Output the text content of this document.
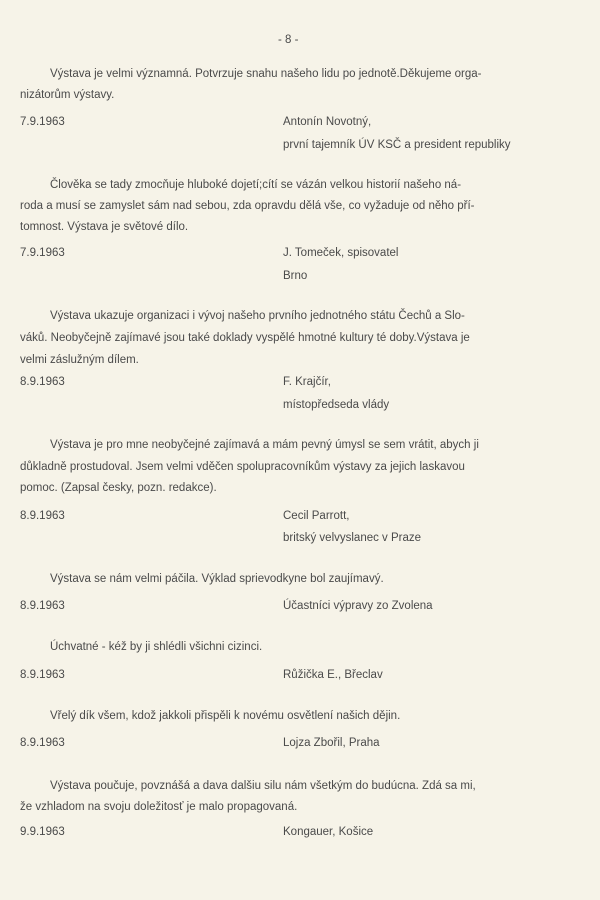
- 8 -
Výstava je velmi významná. Potvrzuje snahu našeho lidu po jednotě.Děkujeme orga-
nizátorům výstavy.
7.9.1963	Antonín Novotný,
první tajemník ÚV KSČ a president republiky
Člověka se tady zmocňuje hluboké dojetí;cítí se vázán velkou historií našeho ná-
roda a musí se zamyslet sám nad sebou, zda opravdu dělá vše, co vyžaduje od něho pří-
tomnost. Výstava je světové dílo.
7.9.1963	J. Tomeček, spisovatel
Brno
Výstava ukazuje organizaci i vývoj našeho prvního jednotného státu Čechů a Slo-
váků. Neobyčejně zajímavé jsou také doklady vyspělé hmotné kultury té doby.Výstava je
velmi záslužným dílem.
8.9.1963	F. Krajčír,
místopředseda vlády
Výstava je pro mne neobyčejné zajímavá a mám pevný úmysl se sem vrátit, abych ji
důkladně prostudoval. Jsem velmi vděčen spolupracovníkům výstavy za jejich laskavou
pomoc. (Zapsal česky, pozn. redakce).
8.9.1963	Cecil Parrott,
britský velvyslanec v Praze
Výstava se nám velmi páčila. Výklad sprievodkyne bol zaujímavý.
8.9.1963	Účastníci výpravy zo Zvolena
Úchvatné - kéž by ji shlédli všichni cizinci.
8.9.1963	Růžička E., Břeclav
Vřelý dík všem, kdož jakkoli přispěli k novému osvětlení našich dějin.
8.9.1963	Lojza Zbořil, Praha
Výstava poučuje, povznášá a dava dalšiu silu nám všetkým do budúcna. Zdá sa mi,
že vzhladom na svoju doležitosť je malo propagovaná.
9.9.1963	Kongauer, Košice
